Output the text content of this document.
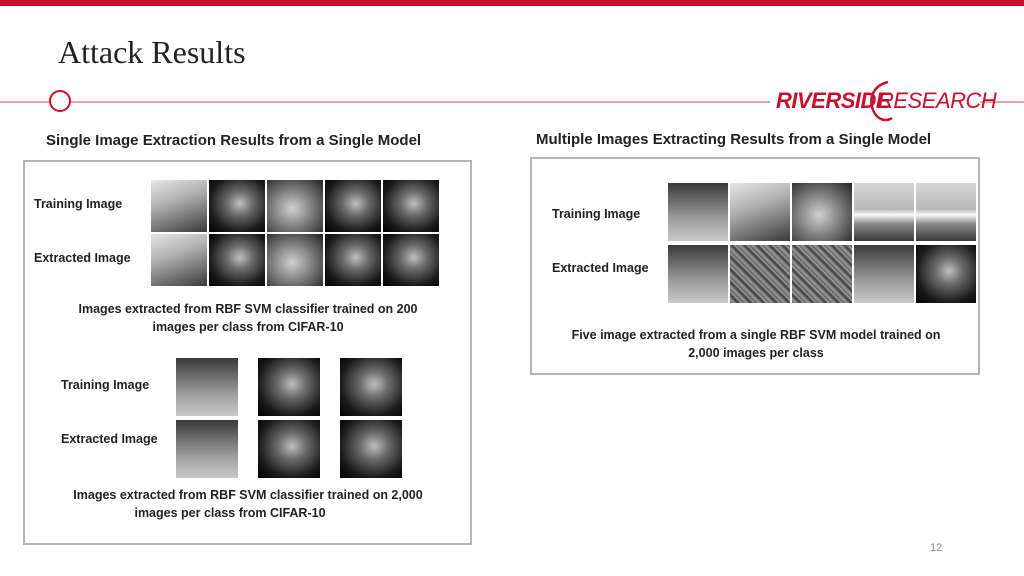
Attack Results
RIVERSIDE
RESEARCH
Single Image Extraction Results from a Single Model
Training Image
Extracted Image
Images extracted from RBF SVM classifier trained on 200
images per class from CIFAR-10
Training Image
Extracted Image
Images extracted from RBF SVM classifier trained on 2,000
images per class from CIFAR-10
Multiple Images Extracting Results from a Single Model
Training Image
Extracted Image
Five image extracted from a single RBF SVM model trained on
2,000 images per class
12
